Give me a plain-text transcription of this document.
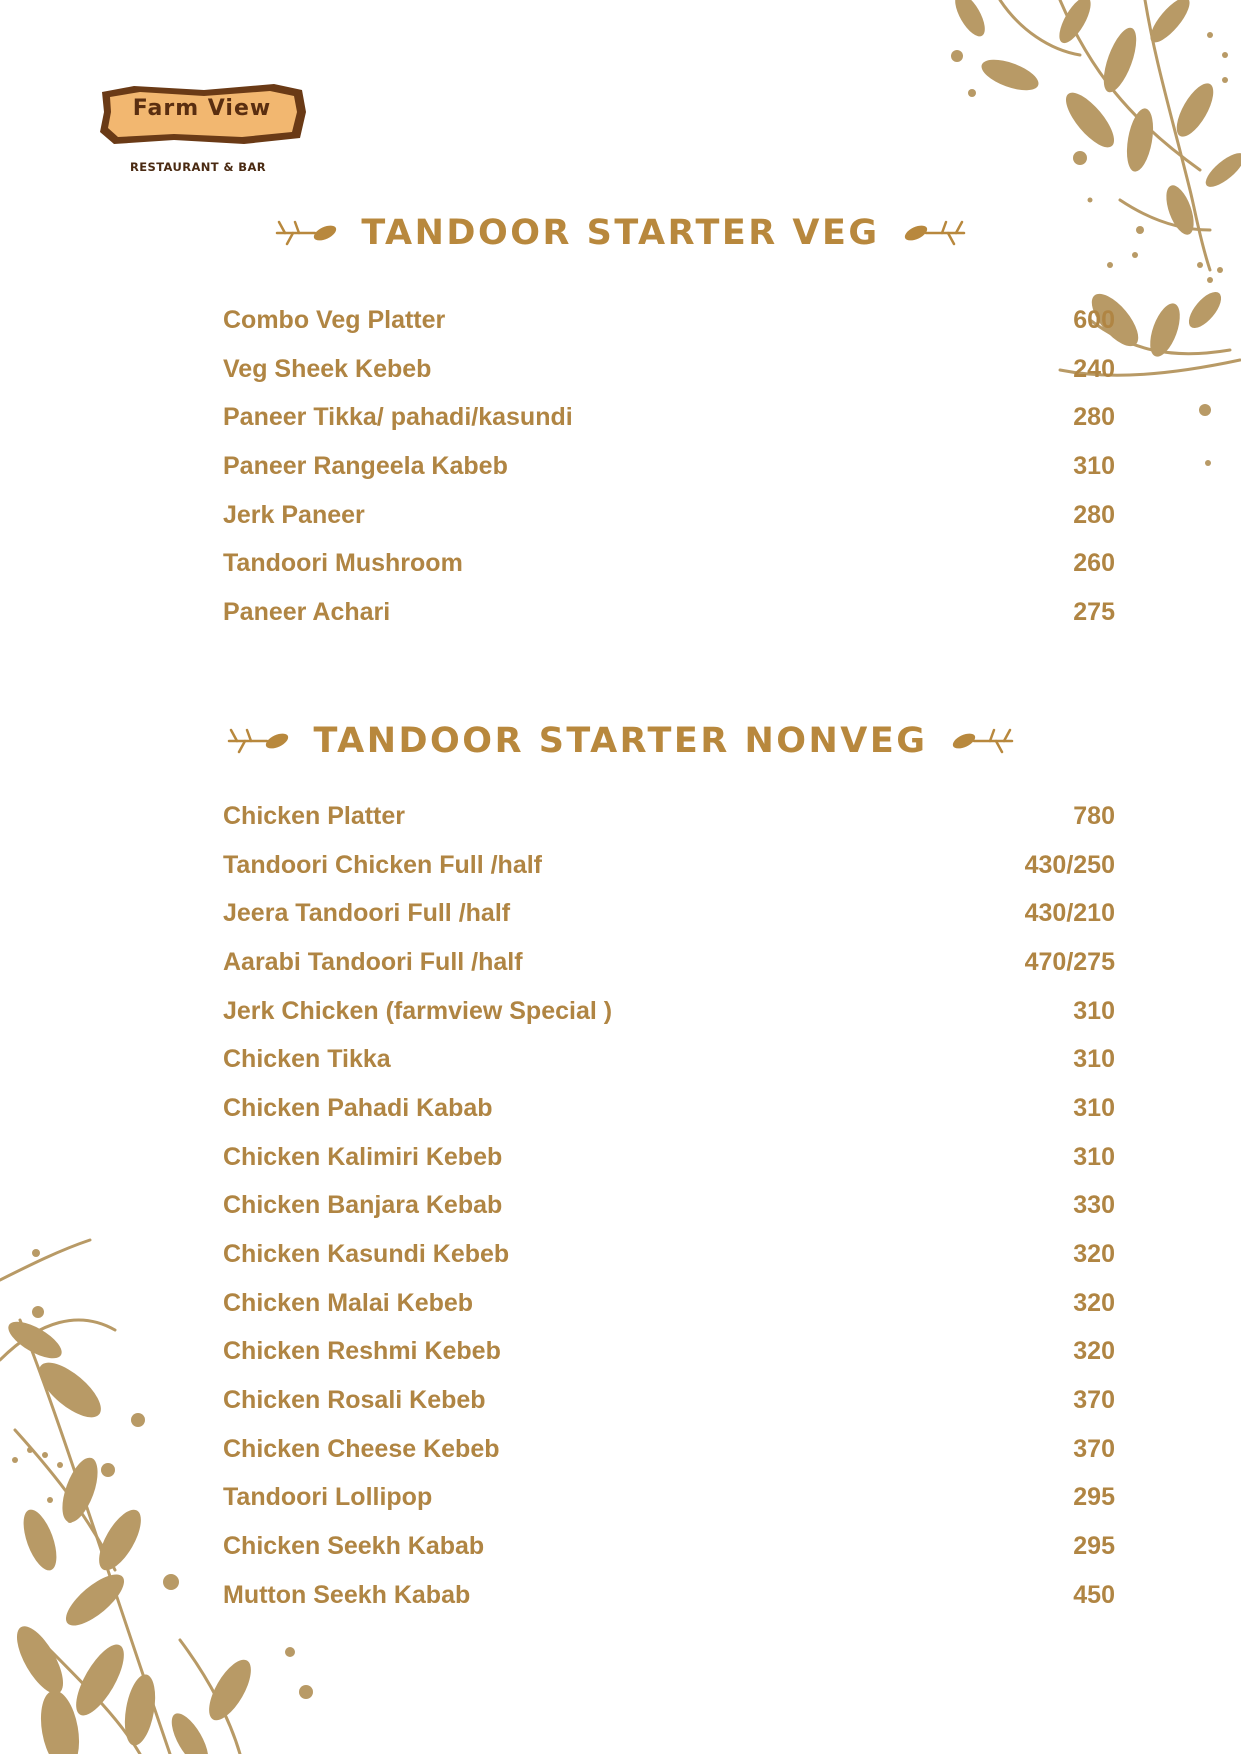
Farm View
RESTAURANT & BAR
TANDOOR STARTER VEG
Combo Veg Platter	600
Veg Sheek Kebeb	240
Paneer Tikka/ pahadi/kasundi	280
Paneer Rangeela Kabeb	310
Jerk Paneer	280
Tandoori Mushroom	260
Paneer Achari	275
TANDOOR STARTER NONVEG
Chicken Platter	780
Tandoori Chicken Full /half	430/250
Jeera Tandoori Full /half	430/210
Aarabi Tandoori Full /half	470/275
Jerk Chicken (farmview Special )	310
Chicken Tikka	310
Chicken Pahadi Kabab	310
Chicken Kalimiri Kebeb	310
Chicken Banjara Kebab	330
Chicken Kasundi Kebeb	320
Chicken Malai Kebeb	320
Chicken Reshmi Kebeb	320
Chicken Rosali Kebeb	370
Chicken Cheese Kebeb	370
Tandoori Lollipop	295
Chicken Seekh Kabab	295
Mutton Seekh Kabab	450
